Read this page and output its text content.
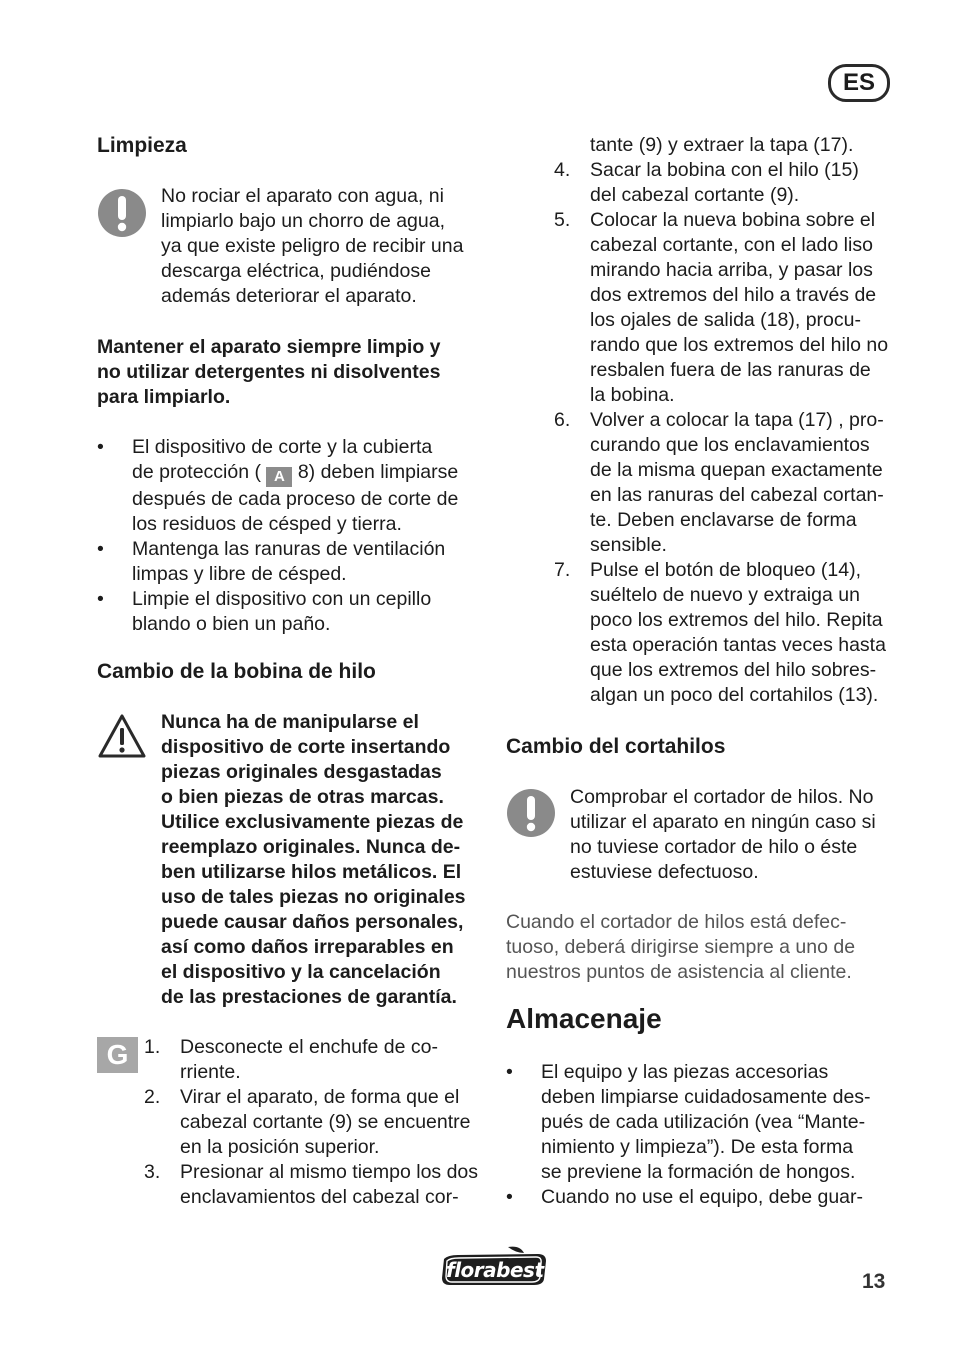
ES
Limpieza
No rociar el aparato con agua, ni
limpiarlo bajo un chorro de agua,
ya que existe peligro de recibir una
descarga eléctrica, pudiéndose
además deteriorar el aparato.
Mantener el aparato siempre limpio y
no utilizar detergentes ni disolventes
para limpiarlo.
• El dispositivo de corte y la cubierta
de protección ( A 8) deben limpiarse
después de cada proceso de corte de
los residuos de césped y tierra.
• Mantenga las ranuras de ventilación
limpas y libre de césped.
• Limpie el dispositivo con un cepillo
blando o bien un paño.
Cambio de la bobina de hilo
Nunca ha de manipularse el
dispositivo de corte insertando
piezas originales desgastadas
o bien piezas de otras marcas.
Utilice exclusivamente piezas de
reemplazo originales. Nunca de-
ben utilizarse hilos metálicos. El
uso de tales piezas no originales
puede causar daños personales,
así como daños irreparables en
el dispositivo y la cancelación
de las prestaciones de garantía.
G 1. Desconecte el enchufe de co-
rriente.
2. Virar el aparato, de forma que el
cabezal cortante (9) se encuentre
en la posición superior.
3. Presionar al mismo tiempo los dos
enclavamientos del cabezal cor-
tante (9) y extraer la tapa (17).
4. Sacar la bobina con el hilo (15)
del cabezal cortante (9).
5. Colocar la nueva bobina sobre el
cabezal cortante, con el lado liso
mirando hacia arriba, y pasar los
dos extremos del hilo a través de
los ojales de salida (18), procu-
rando que los extremos del hilo no
resbalen fuera de las ranuras de
la bobina.
6. Volver a colocar la tapa (17) , pro-
curando que los enclavamientos
de la misma quepan exactamente
en las ranuras del cabezal cortan-
te. Deben enclavarse de forma
sensible.
7. Pulse el botón de bloqueo (14),
suéltelo de nuevo y extraiga un
poco los extremos del hilo. Repita
esta operación tantas veces hasta
que los extremos del hilo sobres-
algan un poco del cortahilos (13).
Cambio del cortahilos
Comprobar el cortador de hilos. No
utilizar el aparato en ningún caso si
no tuviese cortador de hilo o éste
estuviese defectuoso.
Cuando el cortador de hilos está defec-
tuoso, deberá dirigirse siempre a uno de
nuestros puntos de asistencia al cliente.
Almacenaje
• El equipo y las piezas accesorias
deben limpiarse cuidadosamente des-
pués de cada utilización (vea “Mante-
nimiento y limpieza”). De esta forma
se previene la formación de hongos.
• Cuando no use el equipo, debe guar-
florabest	13
